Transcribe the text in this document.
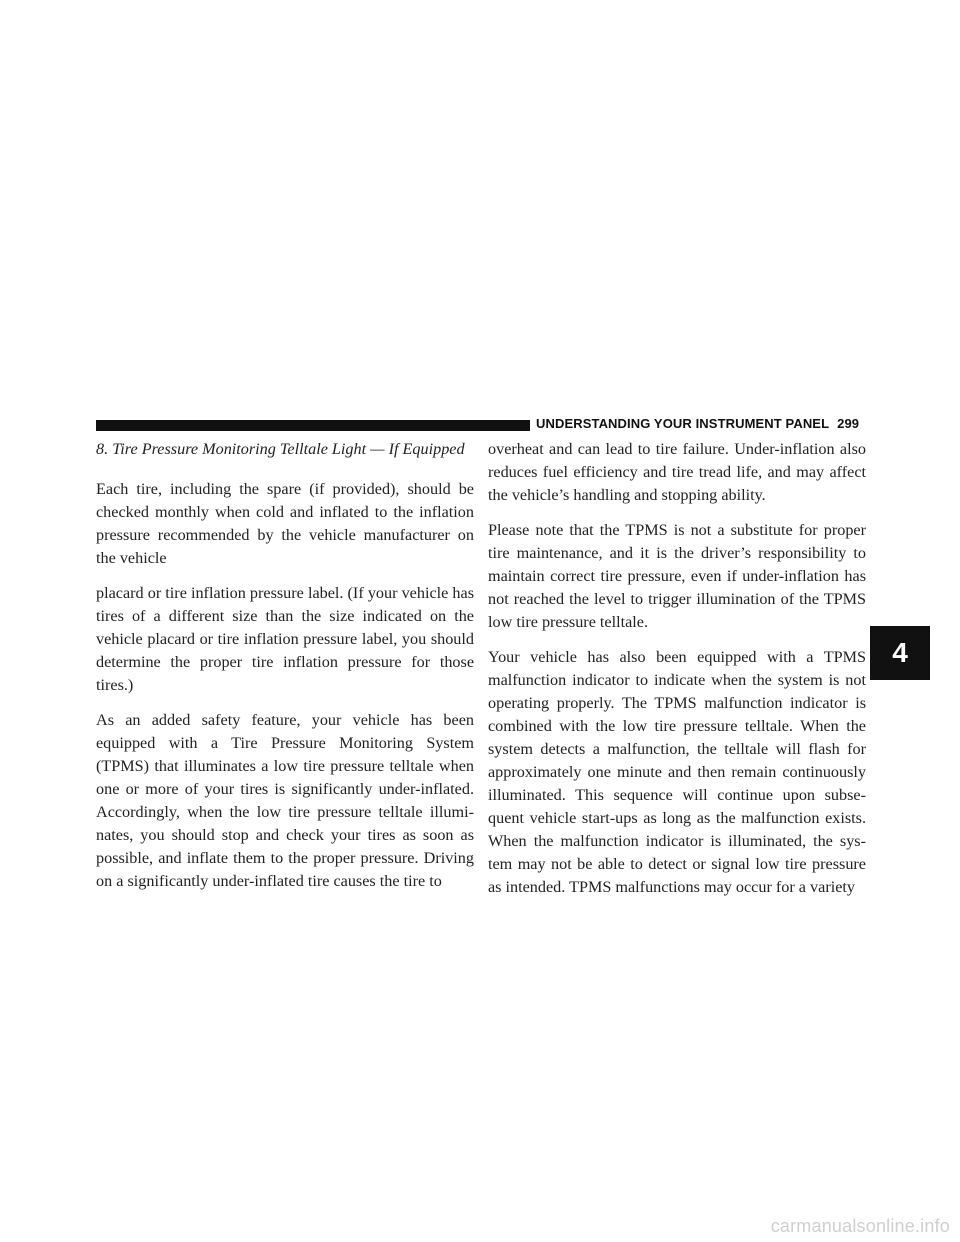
UNDERSTANDING YOUR INSTRUMENT PANEL 299
8. Tire Pressure Monitoring Telltale Light — If Equipped

Each tire, including the spare (if provided), should be checked monthly when cold and inflated to the inflation pressure recommended by the vehicle manufacturer on the vehicle

placard or tire inflation pressure label. (If your vehicle has tires of a different size than the size indicated on the vehicle placard or tire inflation pressure label, you should determine the proper tire inflation pressure for those tires.)

As an added safety feature, your vehicle has been equipped with a Tire Pressure Monitoring System (TPMS) that illuminates a low tire pressure telltale when one or more of your tires is significantly under-inflated. Accordingly, when the low tire pressure telltale illumi-nates, you should stop and check your tires as soon as possible, and inflate them to the proper pressure. Driving on a significantly under-inflated tire causes the tire to

overheat and can lead to tire failure. Under-inflation also reduces fuel efficiency and tire tread life, and may affect the vehicle’s handling and stopping ability.

Please note that the TPMS is not a substitute for proper tire maintenance, and it is the driver’s responsibility to maintain correct tire pressure, even if under-inflation has not reached the level to trigger illumination of the TPMS low tire pressure telltale.

Your vehicle has also been equipped with a TPMS malfunction indicator to indicate when the system is not operating properly. The TPMS malfunction indicator is combined with the low tire pressure telltale. When the system detects a malfunction, the telltale will flash for approximately one minute and then remain continuously illuminated. This sequence will continue upon subse-quent vehicle start-ups as long as the malfunction exists. When the malfunction indicator is illuminated, the sys-tem may not be able to detect or signal low tire pressure as intended. TPMS malfunctions may occur for a variety

4
carmanualsonline.info
